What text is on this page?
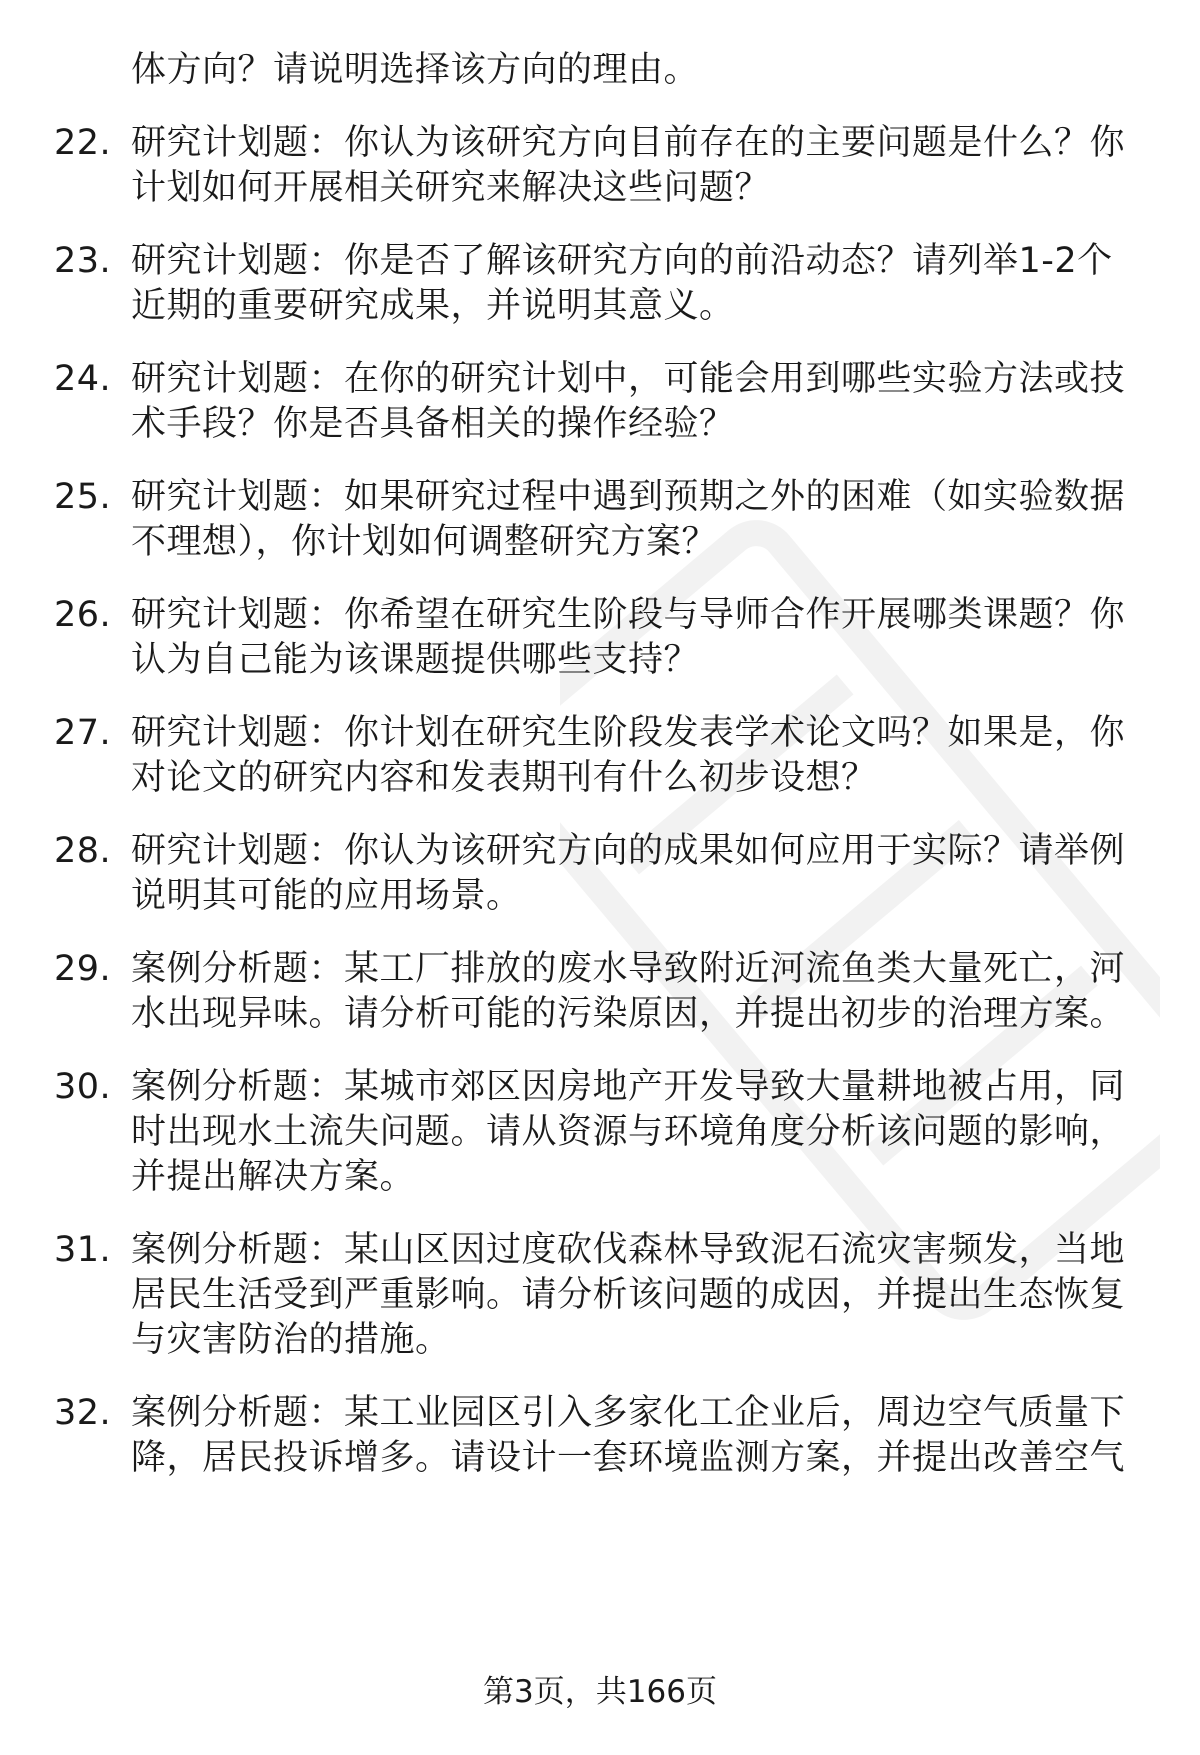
体方向？请说明选择该方向的理由。
22. 研究计划题：你认为该研究方向目前存在的主要问题是什么？你计划如何开展相关研究来解决这些问题？
23. 研究计划题：你是否了解该研究方向的前沿动态？请列举1-2个近期的重要研究成果，并说明其意义。
24. 研究计划题：在你的研究计划中，可能会用到哪些实验方法或技术手段？你是否具备相关的操作经验？
25. 研究计划题：如果研究过程中遇到预期之外的困难（如实验数据不理想），你计划如何调整研究方案？
26. 研究计划题：你希望在研究生阶段与导师合作开展哪类课题？你认为自己能为该课题提供哪些支持？
27. 研究计划题：你计划在研究生阶段发表学术论文吗？如果是，你对论文的研究内容和发表期刊有什么初步设想？
28. 研究计划题：你认为该研究方向的成果如何应用于实际？请举例说明其可能的应用场景。
29. 案例分析题：某工厂排放的废水导致附近河流鱼类大量死亡，河水出现异味。请分析可能的污染原因，并提出初步的治理方案。
30. 案例分析题：某城市郊区因房地产开发导致大量耕地被占用，同时出现水土流失问题。请从资源与环境角度分析该问题的影响，并提出解决方案。
31. 案例分析题：某山区因过度砍伐森林导致泥石流灾害频发，当地居民生活受到严重影响。请分析该问题的成因，并提出生态恢复与灾害防治的措施。
32. 案例分析题：某工业园区引入多家化工企业后，周边空气质量下降，居民投诉增多。请设计一套环境监测方案，并提出改善空气
第3页，共166页
